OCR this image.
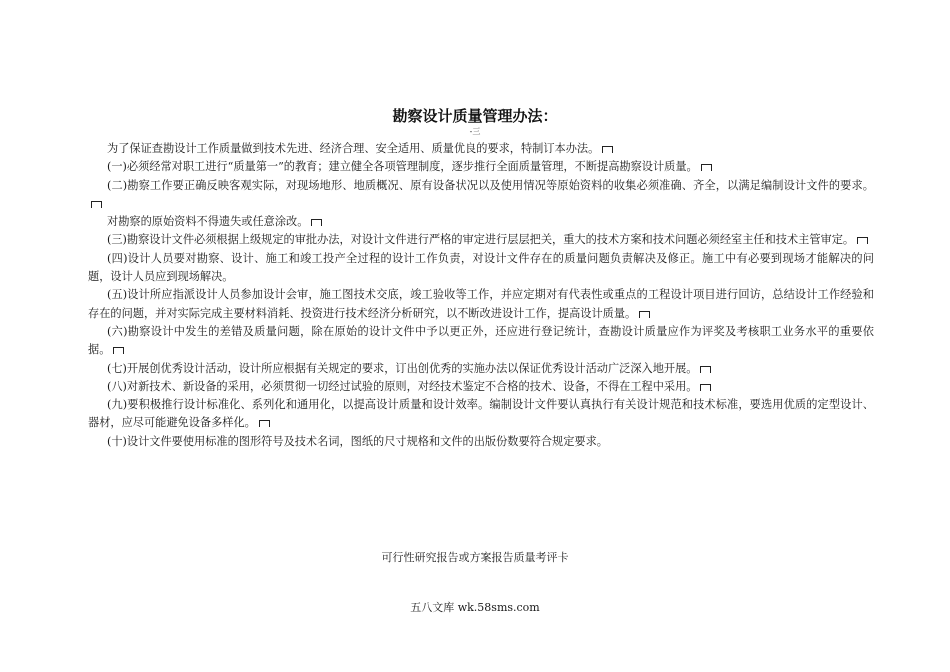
勘察设计质量管理办法：
-三

为了保证查勘设计工作质量做到技术先进、经济合理、安全适用、质量优良的要求，特制订本办法。

(一)必须经常对职工进行“质量第一”的教育；建立健全各项管理制度，逐步推行全面质量管理，不断提高勘察设计质量。

(二)勘察工作要正确反映客观实际，对现场地形、地质概况、原有设备状况以及使用情况等原始资料的收集必须准确、齐全，以满足编制设计文件的要求。

对勘察的原始资料不得遗失或任意涂改。

(三)勘察设计文件必须根据上级规定的审批办法，对设计文件进行严格的审定进行层层把关，重大的技术方案和技术问题必须经室主任和技术主管审定。

(四)设计人员要对勘察、设计、施工和竣工投产全过程的设计工作负责，对设计文件存在的质量问题负责解决及修正。施工中有必要到现场才能解决的问题，设计人员应到现场解决。

(五)设计所应指派设计人员参加设计会审，施工图技术交底，竣工验收等工作，并应定期对有代表性或重点的工程设计项目进行回访，总结设计工作经验和存在的问题，并对实际完成主要材料消耗、投资进行技术经济分析研究，以不断改进设计工作，提高设计质量。

(六)勘察设计中发生的差错及质量问题，除在原始的设计文件中予以更正外，还应进行登记统计，查勘设计质量应作为评奖及考核职工业务水平的重要依据。

(七)开展创优秀设计活动，设计所应根据有关规定的要求，订出创优秀的实施办法以保证优秀设计活动广泛深入地开展。

(八)对新技术、新设备的采用，必须贯彻一切经过试验的原则，对经技术鉴定不合格的技术、设备，不得在工程中采用。

(九)要积极推行设计标准化、系列化和通用化，以提高设计质量和设计效率。编制设计文件要认真执行有关设计规范和技术标准，要选用优质的定型设计、器材，应尽可能避免设备多样化。

(十)设计文件要使用标准的图形符号及技术名词，图纸的尺寸规格和文件的出版份数要符合规定要求。

可行性研究报告或方案报告质量考评卡
五八文库 wk.58sms.com
